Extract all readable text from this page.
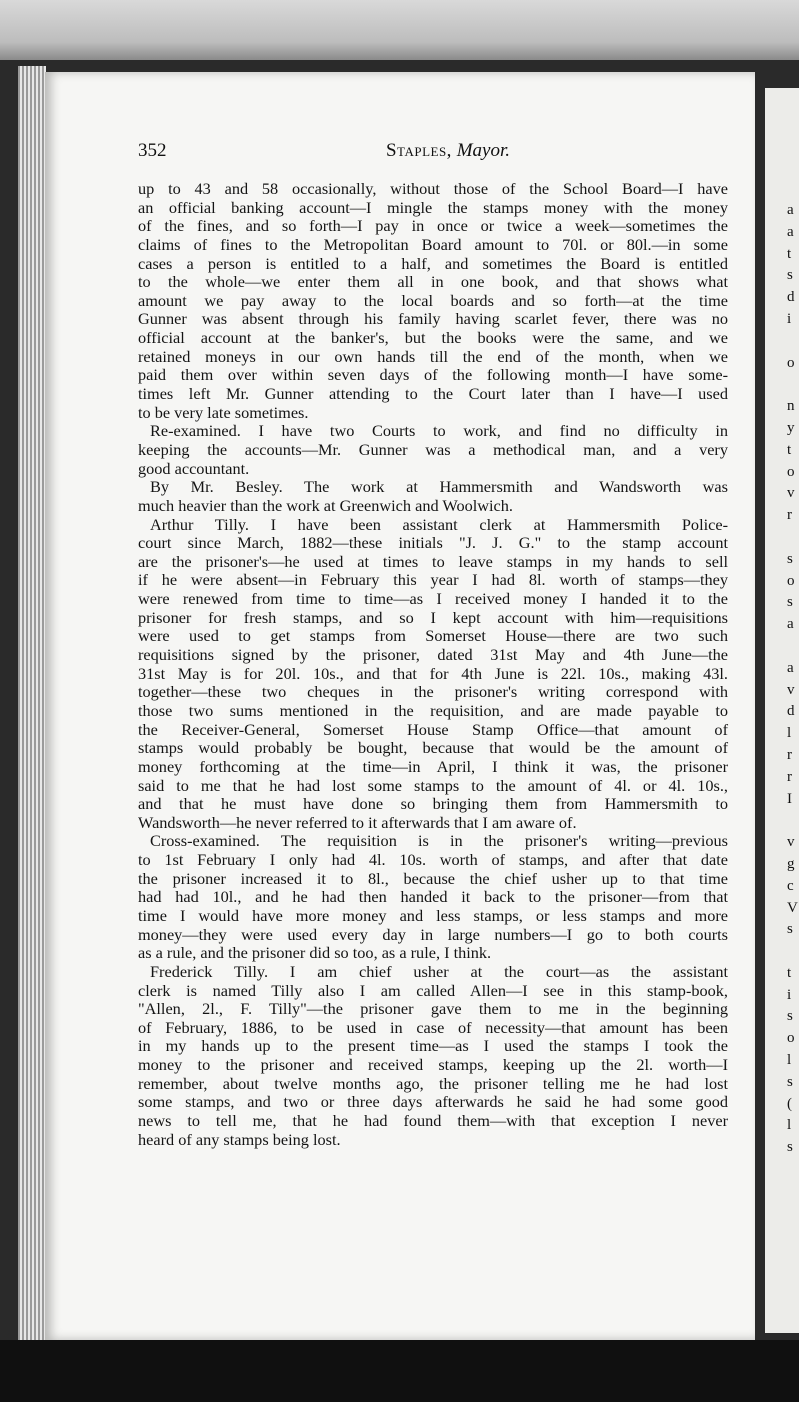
a
a
t
s
d
i
o
n
y
t
o
v
r
s
o
s
a
a
v
d
l
r
r
I
v
g
c
V
s
t
i
s
o
l
s
(
l
s
352	Staples, Mayor.
up to 43 and 58 occasionally, without those of the School Board—I have
an official banking account—I mingle the stamps money with the money
of the fines, and so forth—I pay in once or twice a week—sometimes the
claims of fines to the Metropolitan Board amount to 70l. or 80l.—in some
cases a person is entitled to a half, and sometimes the Board is entitled
to the whole—we enter them all in one book, and that shows what
amount we pay away to the local boards and so forth—at the time
Gunner was absent through his family having scarlet fever, there was no
official account at the banker's, but the books were the same, and we
retained moneys in our own hands till the end of the month, when we
paid them over within seven days of the following month—I have some-
times left Mr. Gunner attending to the Court later than I have—I used
to be very late sometimes.
Re-examined. I have two Courts to work, and find no difficulty in
keeping the accounts—Mr. Gunner was a methodical man, and a very
good accountant.
By Mr. Besley. The work at Hammersmith and Wandsworth was
much heavier than the work at Greenwich and Woolwich.
Arthur Tilly. I have been assistant clerk at Hammersmith Police-
court since March, 1882—these initials "J. J. G." to the stamp account
are the prisoner's—he used at times to leave stamps in my hands to sell
if he were absent—in February this year I had 8l. worth of stamps—they
were renewed from time to time—as I received money I handed it to the
prisoner for fresh stamps, and so I kept account with him—requisitions
were used to get stamps from Somerset House—there are two such
requisitions signed by the prisoner, dated 31st May and 4th June—the
31st May is for 20l. 10s., and that for 4th June is 22l. 10s., making 43l.
together—these two cheques in the prisoner's writing correspond with
those two sums mentioned in the requisition, and are made payable to
the Receiver-General, Somerset House Stamp Office—that amount of
stamps would probably be bought, because that would be the amount of
money forthcoming at the time—in April, I think it was, the prisoner
said to me that he had lost some stamps to the amount of 4l. or 4l. 10s.,
and that he must have done so bringing them from Hammersmith to
Wandsworth—he never referred to it afterwards that I am aware of.
Cross-examined. The requisition is in the prisoner's writing—previous
to 1st February I only had 4l. 10s. worth of stamps, and after that date
the prisoner increased it to 8l., because the chief usher up to that time
had had 10l., and he had then handed it back to the prisoner—from that
time I would have more money and less stamps, or less stamps and more
money—they were used every day in large numbers—I go to both courts
as a rule, and the prisoner did so too, as a rule, I think.
Frederick Tilly. I am chief usher at the court—as the assistant
clerk is named Tilly also I am called Allen—I see in this stamp-book,
"Allen, 2l., F. Tilly"—the prisoner gave them to me in the beginning
of February, 1886, to be used in case of necessity—that amount has been
in my hands up to the present time—as I used the stamps I took the
money to the prisoner and received stamps, keeping up the 2l. worth—I
remember, about twelve months ago, the prisoner telling me he had lost
some stamps, and two or three days afterwards he said he had some good
news to tell me, that he had found them—with that exception I never
heard of any stamps being lost.
